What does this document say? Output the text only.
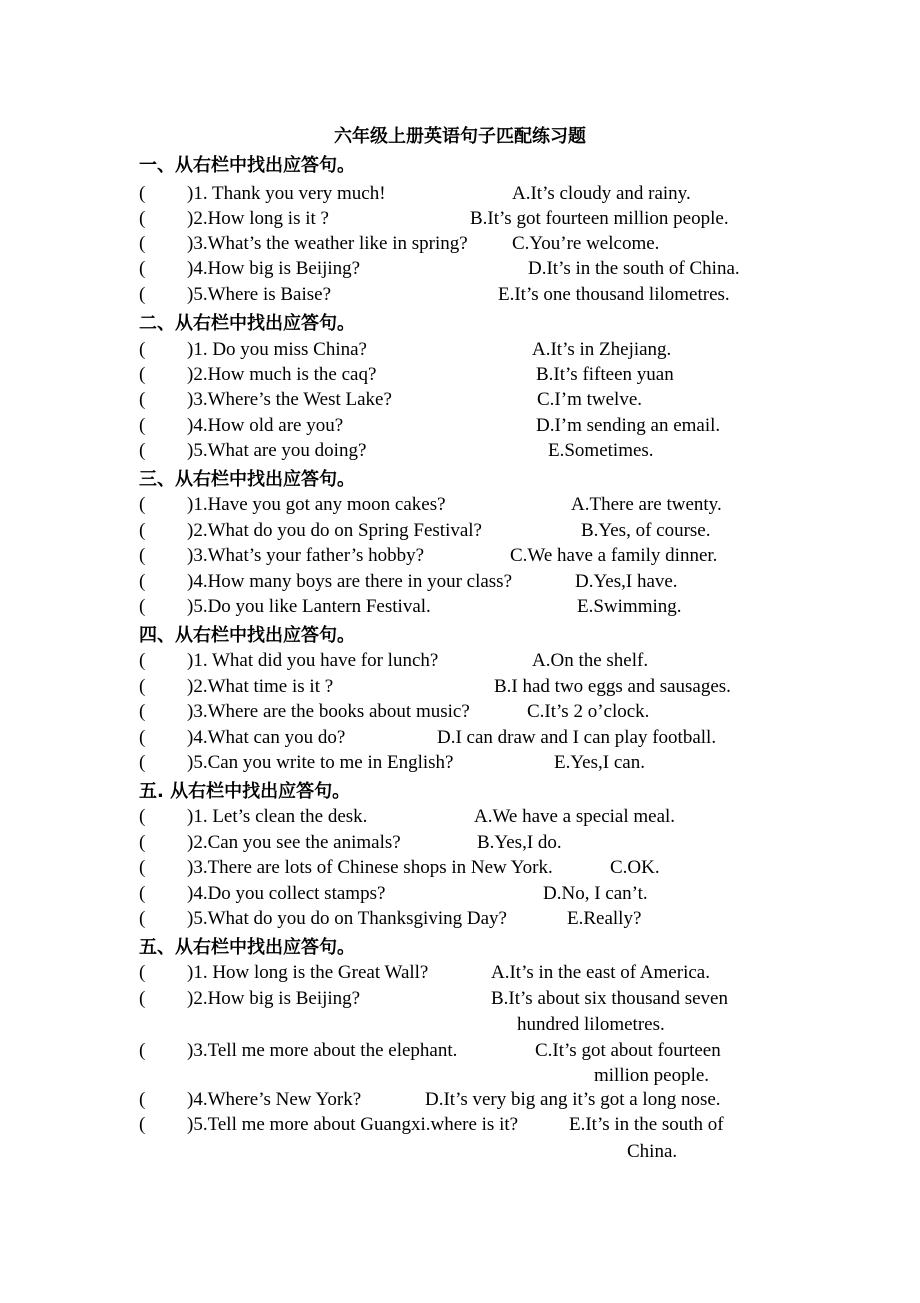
六年级上册英语句子匹配练习题
一、从右栏中找出应答句。
( )1. Thank you very much!	A.It’s cloudy and rainy.
( )2.How long is it ?	B.It’s got fourteen million people.
( )3.What’s the weather like in spring? C.You’re welcome.
( )4.How big is Beijing?	D.It’s in the south of China.
( )5.Where is Baise?	E.It’s one thousand lilometres.
二、从右栏中找出应答句。
( )1. Do you miss China?	A.It’s in Zhejiang.
( )2.How much is the caq?	B.It’s fifteen yuan
( )3.Where’s the West Lake?	C.I’m twelve.
( )4.How old are you?	D.I’m sending an email.
( )5.What are you doing?	E.Sometimes.
三、从右栏中找出应答句。
( )1.Have you got any moon cakes?	A.There are twenty.
( )2.What do you do on Spring Festival?	B.Yes, of course.
( )3.What’s your father’s hobby?	C.We have a family dinner.
( )4.How many boys are there in your class?	D.Yes,I have.
( )5.Do you like Lantern Festival.	E.Swimming.
四、从右栏中找出应答句。
( )1. What did you have for lunch?	A.On the shelf.
( )2.What time is it ?	B.I had two eggs and sausages.
( )3.Where are the books about music?	C.It’s 2 o’clock.
( )4.What can you do?	D.I can draw and I can play football.
( )5.Can you write to me in English?	E.Yes,I can.
五. 从右栏中找出应答句。
( )1. Let’s clean the desk.	A.We have a special meal.
( )2.Can you see the animals?	B.Yes,I do.
( )3.There are lots of Chinese shops in New York.	C.OK.
( )4.Do you collect stamps?	D.No, I can’t.
( )5.What do you do on Thanksgiving Day?	E.Really?
五、从右栏中找出应答句。
( )1. How long is the Great Wall?	A.It’s in the east of America.
( )2.How big is Beijing?	B.It’s about six thousand seven
hundred lilometres.
( )3.Tell me more about the elephant.	C.It’s got about fourteen
million people.
( )4.Where’s New York?	D.It’s very big ang it’s got a long nose.
( )5.Tell me more about Guangxi.where is it?	E.It’s in the south of
China.
